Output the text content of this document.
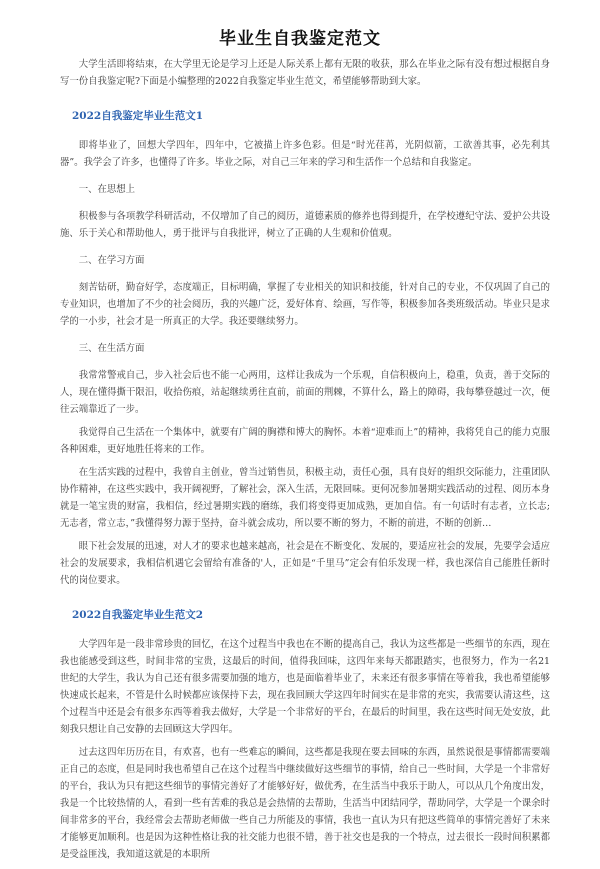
毕业生自我鉴定范文

大学生活即将结束，在大学里无论是学习上还是人际关系上都有无限的收获，那么在毕业之际有没有想过根据自身写一份自我鉴定呢?下面是小编整理的2022自我鉴定毕业生范文，希望能够帮助到大家。

2022自我鉴定毕业生范文1

即将毕业了，回想大学四年，四年中，它被描上许多色彩。但是“时光荏苒，光阴似箭，工欲善其事，必先利其器”。我学会了许多，也懂得了许多。毕业之际，对自己三年来的学习和生活作一个总结和自我鉴定。

一、在思想上

积极参与各项教学科研活动，不仅增加了自己的阅历，道德素质的修养也得到提升，在学校遵纪守法、爱护公共设施、乐于关心和帮助他人，勇于批评与自我批评，树立了正确的人生观和价值观。

二、在学习方面

刻苦钻研，勤奋好学，态度端正，目标明确，掌握了专业相关的知识和技能，针对自己的专业，不仅巩固了自己的专业知识，也增加了不少的社会阅历，我的兴趣广泛，爱好体育、绘画，写作等，积极参加各类班级活动。毕业只是求学的一小步，社会才是一所真正的大学。我还要继续努力。

三、在生活方面

我常常警戒自己，步入社会后也不能一心两用，这样让我成为一个乐观，自信积极向上，稳重，负责，善于交际的人，现在懂得撕干限汨，收拾伤痕，站起继续勇往直前，前面的荆棘，不算什么，路上的障碍，我每攀登越过一次，便往云端靠近了一步。

我觉得自己生活在一个集体中，就要有广阔的胸襟和博大的胸怀。本着“迎难而上”的精神，我将凭自己的能力克服各种困难，更好地胜任将来的工作。

在生活实践的过程中，我曾自主创业，曾当过销售员，积极主动，责任心强，具有良好的组织交际能力，注重团队协作精神，在这些实践中，我开阔视野，了解社会，深入生活，无限回味。更何况参加暑期实践活动的过程、阅历本身就是一笔宝贵的财富，我相信，经过暑期实践的磨练，我们将变得更加成熟，更加自信。有一句话时有志者，立长志;无志者，常立志，”我懂得努力源于坚持，奋斗就会成功，所以要不断的努力，不断的前进，不断的创新…

眼下社会发展的迅速，对人才的要求也越来越高，社会是在不断变化、发展的，要适应社会的发展，先要学会适应社会的发展要求，我相信机遇它会留给有准备的'人，正如是“千里马”定会有伯乐发现一样，我也深信自己能胜任新时代的岗位要求。

2022自我鉴定毕业生范文2

大学四年是一段非常珍贵的回忆，在这个过程当中我也在不断的提高自己，我认为这些都是一些细节的东西，现在我也能感受到这些，时间非常的宝贵，这最后的时间，值得我回味，这四年来每天都跟踏实，也很努力，作为一名21世纪的大学生，我认为自己还有很多需要加强的地方，也是面临着毕业了，未来还有很多事情在等着我，我也希望能够快速成长起来，不管是什么时候都应该保持下去，现在我回顾大学这四年时间实在是非常的充实，我需要认清这些，这个过程当中还是会有很多东西等着我去做好，大学是一个非常好的平台，在最后的时间里，我在这些时间无处安放，此刻我只想让自己安静的去回顾这大学四年。

过去这四年历历在目，有欢喜，也有一些难忘的瞬间，这些都是我现在要去回味的东西，虽然说很是事情都需要端正自己的态度，但是同时我也希望自己在这个过程当中继续做好这些细节的事情，给自己一些时间，大学是一个非常好的平台，我认为只有把这些细节的事情完善好了才能够好好，做优秀，在生活当中我乐于助人，可以从几个角度出发，我是一个比较热情的人，看到一些有苦难的我总是会热情的去帮助，生活当中团结同学，帮助同学，大学是一个课余时间非常多的平台，我经常会去帮助老师做一些自己力所能及的事情，我也一直认为只有把这些简单的事情完善好了未来才能够更加顺利。也是因为这种性格让我的社交能力也很不错，善于社交也是我的一个特点，过去很长一段时间积累都是受益匪浅，我知道这就是的本职所
